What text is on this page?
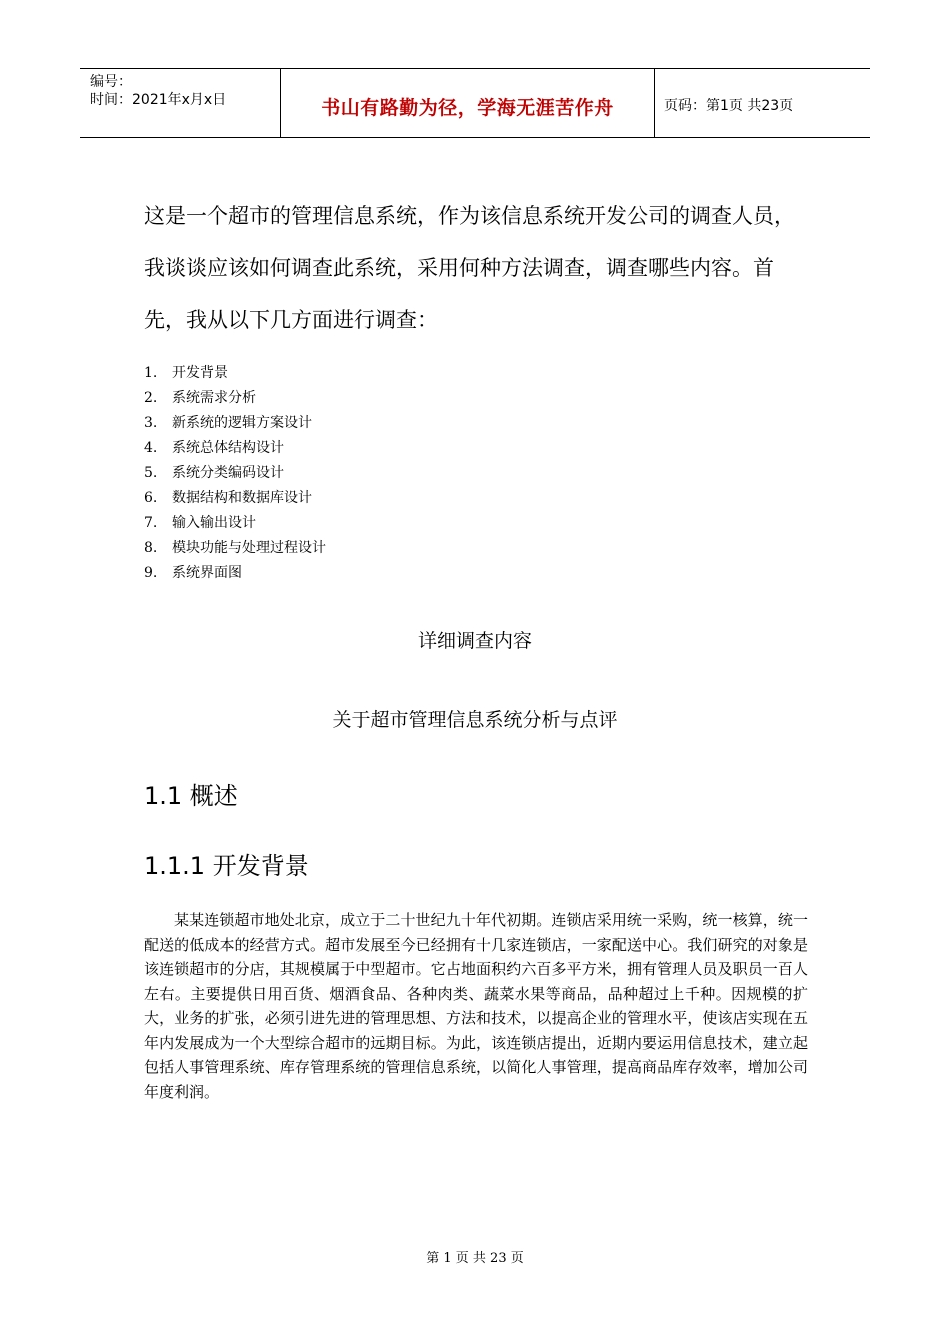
编号：
时间：2021年x月x日	书山有路勤为径，学海无涯苦作舟	页码：第1页 共23页

这是一个超市的管理信息系统，作为该信息系统开发公司的调查人员，我谈谈应该如何调查此系统，采用何种方法调查，调查哪些内容。首先，我从以下几方面进行调查：

1. 开发背景
2. 系统需求分析
3. 新系统的逻辑方案设计
4. 系统总体结构设计
5. 系统分类编码设计
6. 数据结构和数据库设计
7. 输入输出设计
8. 模块功能与处理过程设计
9. 系统界面图
详细调查内容
关于超市管理信息系统分析与点评
1.1 概述
1.1.1 开发背景

某某连锁超市地处北京，成立于二十世纪九十年代初期。连锁店采用统一采购，统一核算，统一配送的低成本的经营方式。超市发展至今已经拥有十几家连锁店，一家配送中心。我们研究的对象是该连锁超市的分店，其规模属于中型超市。它占地面积约六百多平方米，拥有管理人员及职员一百人左右。主要提供日用百货、烟酒食品、各种肉类、蔬菜水果等商品，品种超过上千种。因规模的扩大，业务的扩张，必须引进先进的管理思想、方法和技术，以提高企业的管理水平，使该店实现在五年内发展成为一个大型综合超市的远期目标。为此，该连锁店提出，近期内要运用信息技术，建立起包括人事管理系统、库存管理系统的管理信息系统，以简化人事管理，提高商品库存效率，增加公司年度利润。

第 1 页 共 23 页
